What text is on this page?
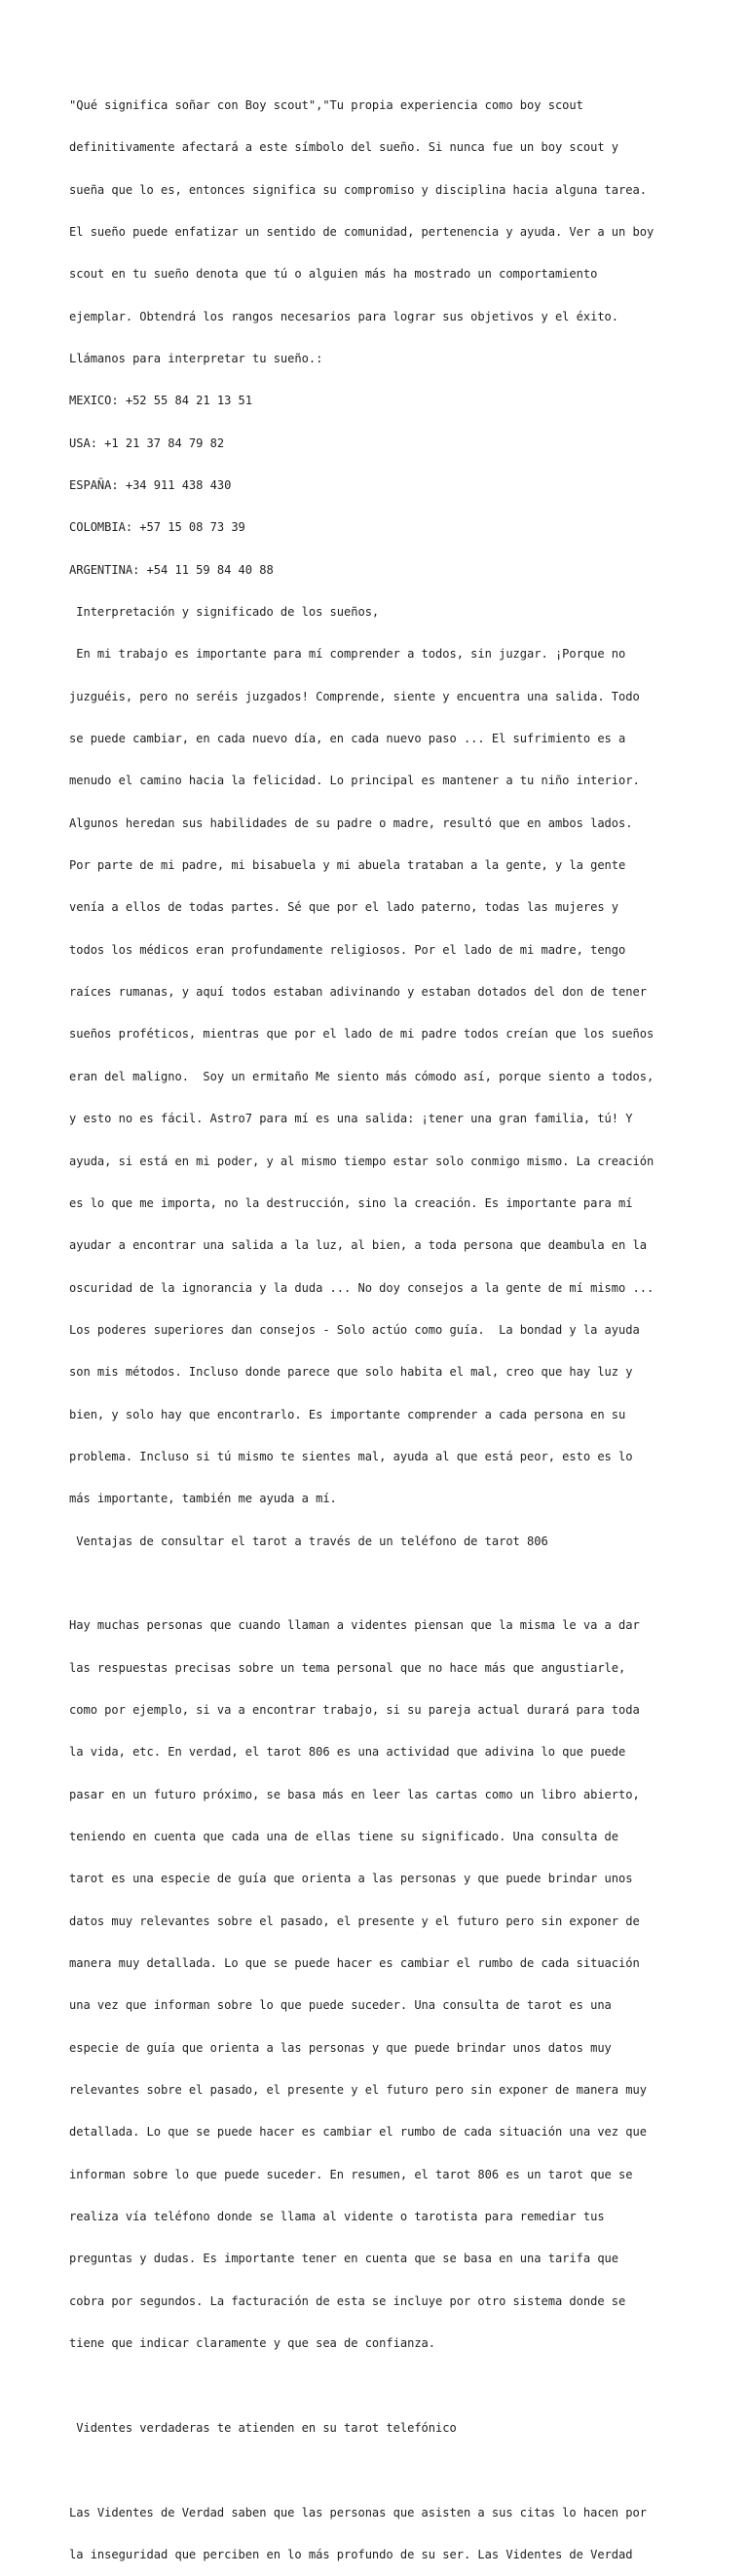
"Qué significa soñar con Boy scout","Tu propia experiencia como boy scout

definitivamente afectará a este símbolo del sueño. Si nunca fue un boy scout y

sueña que lo es, entonces significa su compromiso y disciplina hacia alguna tarea.

El sueño puede enfatizar un sentido de comunidad, pertenencia y ayuda. Ver a un boy

scout en tu sueño denota que tú o alguien más ha mostrado un comportamiento

ejemplar. Obtendrá los rangos necesarios para lograr sus objetivos y el éxito.

Llámanos para interpretar tu sueño.:

MEXICO: +52 55 84 21 13 51

USA: +1 21 37 84 79 82

ESPAÑA: +34 911 438 430

COLOMBIA: +57 15 08 73 39

ARGENTINA: +54 11 59 84 40 88

Interpretación y significado de los sueños,

En mi trabajo es importante para mí comprender a todos, sin juzgar. ¡Porque no

juzguéis, pero no seréis juzgados! Comprende, siente y encuentra una salida. Todo

se puede cambiar, en cada nuevo día, en cada nuevo paso ... El sufrimiento es a

menudo el camino hacia la felicidad. Lo principal es mantener a tu niño interior.

Algunos heredan sus habilidades de su padre o madre, resultó que en ambos lados.

Por parte de mi padre, mi bisabuela y mi abuela trataban a la gente, y la gente

venía a ellos de todas partes. Sé que por el lado paterno, todas las mujeres y

todos los médicos eran profundamente religiosos. Por el lado de mi madre, tengo

raíces rumanas, y aquí todos estaban adivinando y estaban dotados del don de tener

sueños proféticos, mientras que por el lado de mi padre todos creían que los sueños

eran del maligno.  Soy un ermitaño Me siento más cómodo así, porque siento a todos,

y esto no es fácil. Astro7 para mí es una salida: ¡tener una gran familia, tú! Y

ayuda, si está en mi poder, y al mismo tiempo estar solo conmigo mismo. La creación

es lo que me importa, no la destrucción, sino la creación. Es importante para mí

ayudar a encontrar una salida a la luz, al bien, a toda persona que deambula en la

oscuridad de la ignorancia y la duda ... No doy consejos a la gente de mí mismo ...

Los poderes superiores dan consejos - Solo actúo como guía.  La bondad y la ayuda

son mis métodos. Incluso donde parece que solo habita el mal, creo que hay luz y

bien, y solo hay que encontrarlo. Es importante comprender a cada persona en su

problema. Incluso si tú mismo te sientes mal, ayuda al que está peor, esto es lo

más importante, también me ayuda a mí.

Ventajas de consultar el tarot a través de un teléfono de tarot 806

Hay muchas personas que cuando llaman a videntes piensan que la misma le va a dar

las respuestas precisas sobre un tema personal que no hace más que angustiarle,

como por ejemplo, si va a encontrar trabajo, si su pareja actual durará para toda

la vida, etc. En verdad, el tarot 806 es una actividad que adivina lo que puede

pasar en un futuro próximo, se basa más en leer las cartas como un libro abierto,

teniendo en cuenta que cada una de ellas tiene su significado. Una consulta de

tarot es una especie de guía que orienta a las personas y que puede brindar unos

datos muy relevantes sobre el pasado, el presente y el futuro pero sin exponer de

manera muy detallada. Lo que se puede hacer es cambiar el rumbo de cada situación

una vez que informan sobre lo que puede suceder. Una consulta de tarot es una

especie de guía que orienta a las personas y que puede brindar unos datos muy

relevantes sobre el pasado, el presente y el futuro pero sin exponer de manera muy

detallada. Lo que se puede hacer es cambiar el rumbo de cada situación una vez que

informan sobre lo que puede suceder. En resumen, el tarot 806 es un tarot que se

realiza vía teléfono donde se llama al vidente o tarotista para remediar tus

preguntas y dudas. Es importante tener en cuenta que se basa en una tarifa que

cobra por segundos. La facturación de esta se incluye por otro sistema donde se

tiene que indicar claramente y que sea de confianza.

Videntes verdaderas te atienden en su tarot telefónico

Las Videntes de Verdad saben que las personas que asisten a sus citas lo hacen por

la inseguridad que perciben en lo más profundo de su ser. Las Videntes de Verdad
